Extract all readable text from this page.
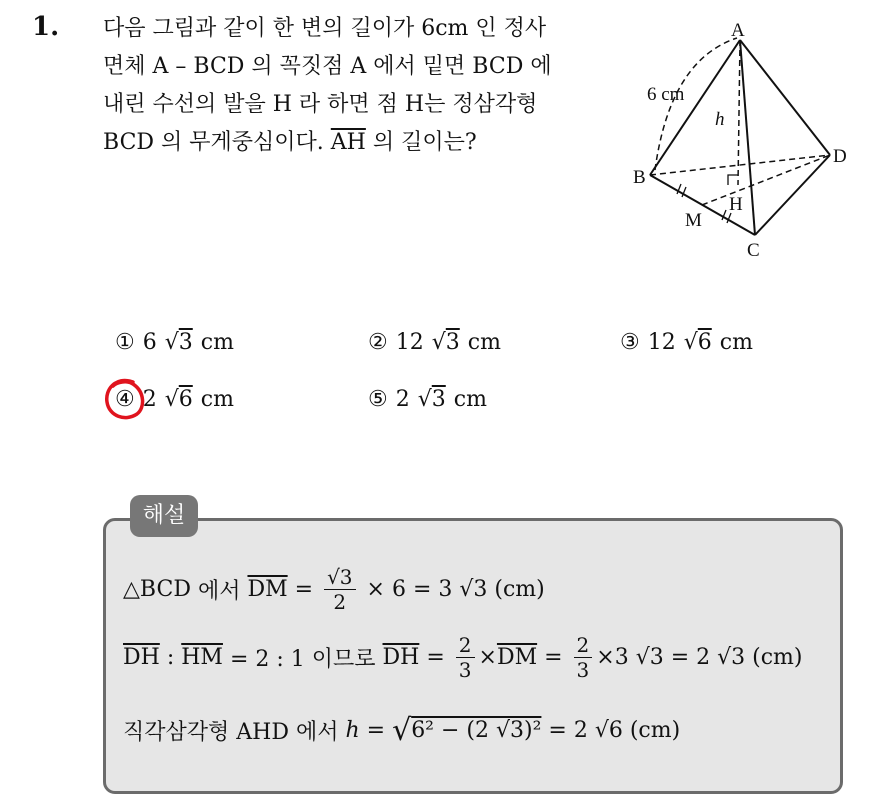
1. 다음 그림과 같이 한 변의 길이가 6cm 인 정사
면체 A – BCD 의 꼭짓점 A 에서 밑면 BCD 에
내린 수선의 발을 H 라 하면 점 H는 정삼각형
BCD 의 무게중심이다. $\overline{AH}$ 의 길이는?
A
B
C
D
H
M
h
6 cm
① 6 √3 cm	② 12 √3 cm	③ 12 √6 cm
④ 2 √6 cm	⑤ 2 √3 cm
해설
△BCD 에서 $\overline{DM} = \frac{√3}{2} \times 6 = 3$ √3 (cm)
$\overline{DH}$ : $\overline{HM} = 2$ : 1 이므로 $\overline{DH} = \frac{2}{3} \times \overline{DM} = \frac{2}{3} \times 3$ √3 = 2 √3 (cm)
직각삼각형 AHD 에서 h = √ 6² − (2 √3)² = 2 √6 (cm)
